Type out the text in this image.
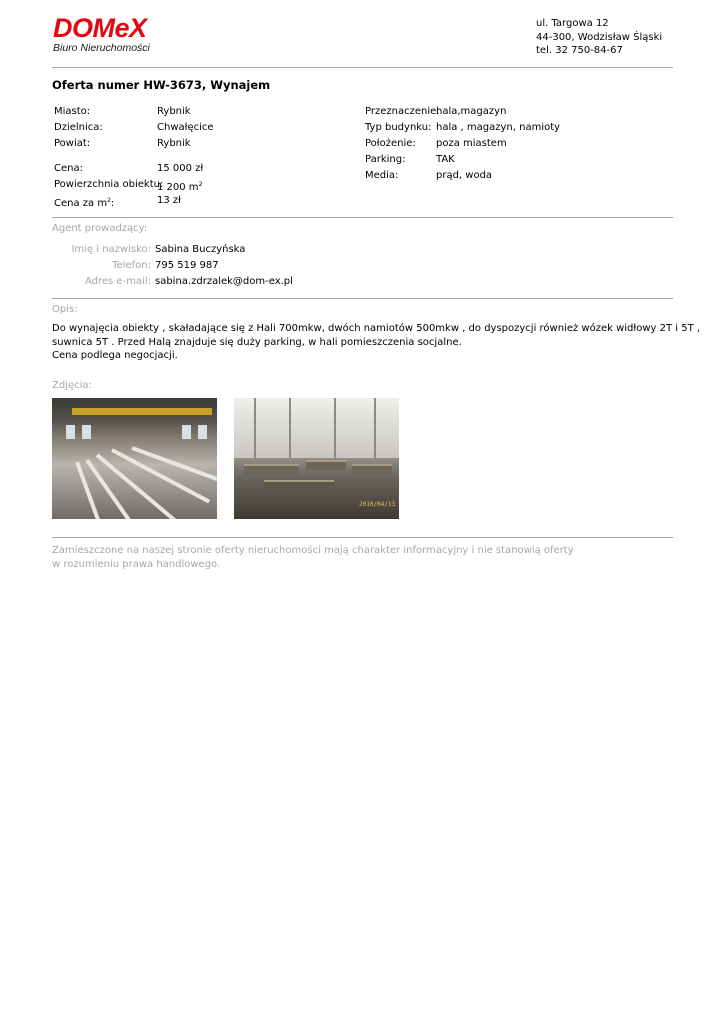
DOMeX
Biuro Nieruchomości
ul. Targowa 12
44-300, Wodzisław Śląski
tel. 32 750-84-67
Oferta numer HW-3673, Wynajem
Miasto:	Rybnik
Dzielnica:	Chwałęcice
Powiat:	Rybnik
Cena:	15 000 zł
Powierzchnia obiektu:
1 200 $m^2$
Cena za $m^2$:	13 zł
Przeznaczenie:
hala,magazyn
Typ budynku: hala , magazyn, namioty
Położenie: poza miastem
Parking:	TAK
Media:	prąd, woda
Agent prowadzący:
Imię i nazwisko: Sabina Buczyńska
Telefon: 795 519 987
Adres e-mail: sabina.zdrzalek@dom-ex.pl
Opis:
Do wynajęcia obiekty , skaładające się z Hali 700mkw, dwóch namiotów 500mkw , do dyspozycji również wózek widłowy 2T i 5T ,
suwnica 5T . Przed Halą znajduje się duży parking, w hali pomieszczenia socjalne.
Cena podlega negocjacji.
Zdjęcia:
2010/04/13
Zamieszczone na naszej stronie oferty nieruchomości mają charakter informacyjny i nie stanowią oferty
w rozumieniu prawa handlowego.
